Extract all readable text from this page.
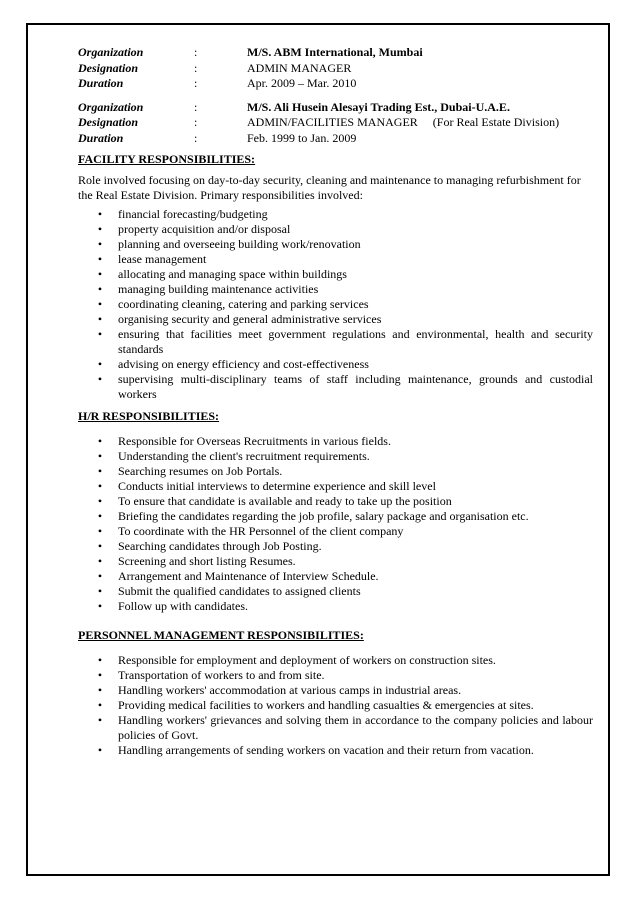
Organization	:	M/S. ABM International, Mumbai
Designation	:	ADMIN MANAGER
Duration	:	Apr. 2009 – Mar. 2010
Organization	:	M/S. Ali Husein Alesayi Trading Est., Dubai-U.A.E.
Designation	:	ADMIN/FACILITIES MANAGER     (For Real Estate Division)
Duration	:	Feb. 1999 to Jan. 2009
FACILITY RESPONSIBILITIES:
Role involved focusing on day-to-day security, cleaning and maintenance to managing refurbishment for the Real Estate Division. Primary responsibilities involved:
• financial forecasting/budgeting
• property acquisition and/or disposal
• planning and overseeing building work/renovation
• lease management
• allocating and managing space within buildings
• managing building maintenance activities
• coordinating cleaning, catering and parking services
• organising security and general administrative services
• ensuring that facilities meet government regulations and environmental, health and security standards
• advising on energy efficiency and cost-effectiveness
• supervising multi-disciplinary teams of staff including maintenance, grounds and custodial workers
H/R RESPONSIBILITIES:
• Responsible for Overseas Recruitments in various fields.
• Understanding the client's recruitment requirements.
• Searching resumes on Job Portals.
• Conducts initial interviews to determine experience and skill level
• To ensure that candidate is available and ready to take up the position
• Briefing the candidates regarding the job profile, salary package and organisation etc.
• To coordinate with the HR Personnel of the client company
• Searching candidates through Job Posting.
• Screening and short listing Resumes.
• Arrangement and Maintenance of Interview Schedule.
• Submit the qualified candidates to assigned clients
• Follow up with candidates.
PERSONNEL MANAGEMENT RESPONSIBILITIES:
• Responsible for employment and deployment of workers on construction sites.
• Transportation of workers to and from site.
• Handling workers' accommodation at various camps in industrial areas.
• Providing medical facilities to workers and handling casualties & emergencies at sites.
• Handling workers' grievances and solving them in accordance to the company policies and labour policies of Govt.
• Handling arrangements of sending workers on vacation and their return from vacation.
